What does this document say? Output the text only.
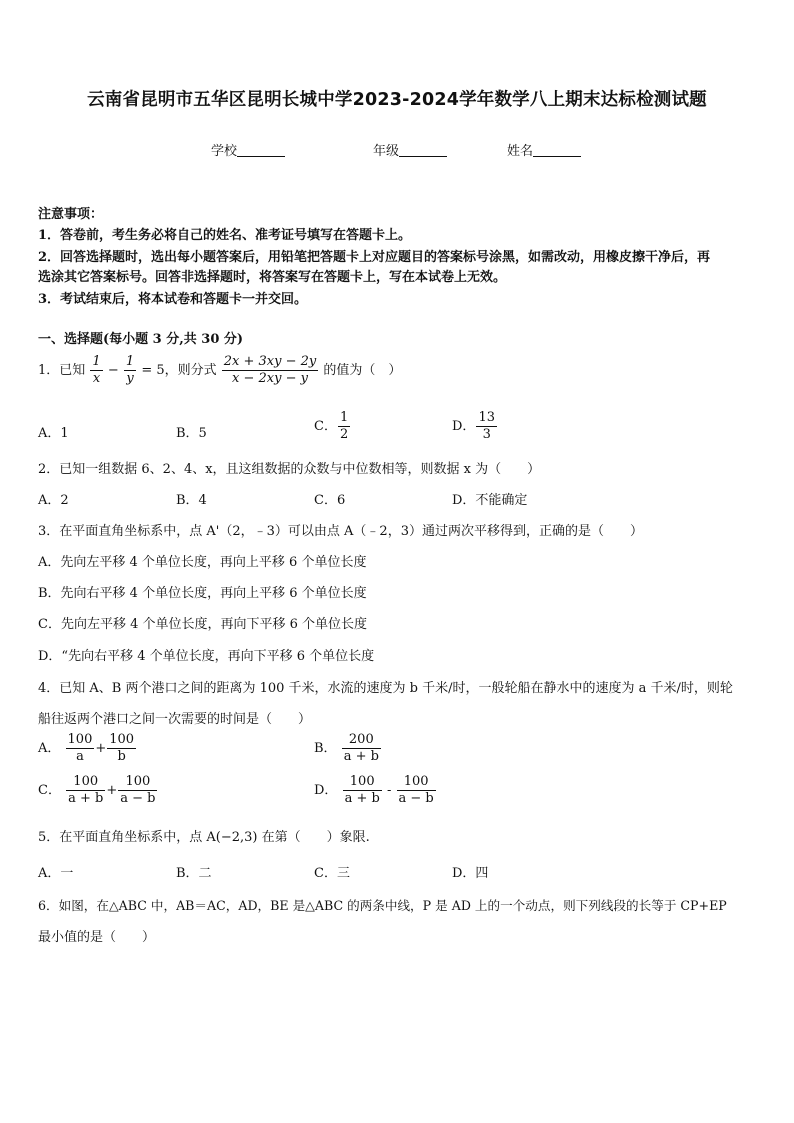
云南省昆明市五华区昆明长城中学2023-2024学年数学八上期末达标检测试题
学校	年级	姓名
注意事项：
1．答卷前，考生务必将自己的姓名、准考证号填写在答题卡上。
2．回答选择题时，选出每小题答案后，用铅笔把答题卡上对应题目的答案标号涂黑，如需改动，用橡皮擦干净后，再
选涂其它答案标号。回答非选择题时，将答案写在答题卡上，写在本试卷上无效。
3．考试结束后，将本试卷和答题卡一并交回。
一、选择题(每小题 3 分,共 30 分)
1．已知 $\frac{1}{x} - \frac{1}{y} = 5$，则分式 $\frac{2x + 3xy - 2y}{x - 2xy - y}$ 的值为（　）
A．1	B．5	C． $\frac{1}{2}$	D． $\frac{13}{3}$
2．已知一组数据 6、2、4、x，且这组数据的众数与中位数相等，则数据 x 为（　　）
A．2	B．4	C．6	D．不能确定
3．在平面直角坐标系中，点 A'（2，﹣3）可以由点 A（﹣2，3）通过两次平移得到，正确的是（　　）
A．先向左平移 4 个单位长度，再向上平移 6 个单位长度
B．先向右平移 4 个单位长度，再向上平移 6 个单位长度
C．先向左平移 4 个单位长度，再向下平移 6 个单位长度
D．“先向右平移 4 个单位长度，再向下平移 6 个单位长度
4．已知 A、B 两个港口之间的距离为 100 千米，水流的速度为 b 千米/时，一般轮船在静水中的速度为 a 千米/时，则轮
船往返两个港口之间一次需要的时间是（　　）
A． $\frac{100}{a} + \frac{100}{b}$	B． $\frac{200}{a + b}$
C． $\frac{100}{a + b} + \frac{100}{a - b}$	D． $\frac{100}{a + b} - \frac{100}{a - b}$
5．在平面直角坐标系中，点 A(−2,3) 在第（　　）象限.
A．一	B．二	C．三	D．四
6．如图，在△ABC 中，AB＝AC，AD，BE 是△ABC 的两条中线，P 是 AD 上的一个动点，则下列线段的长等于 CP+EP
最小值的是（　　）
